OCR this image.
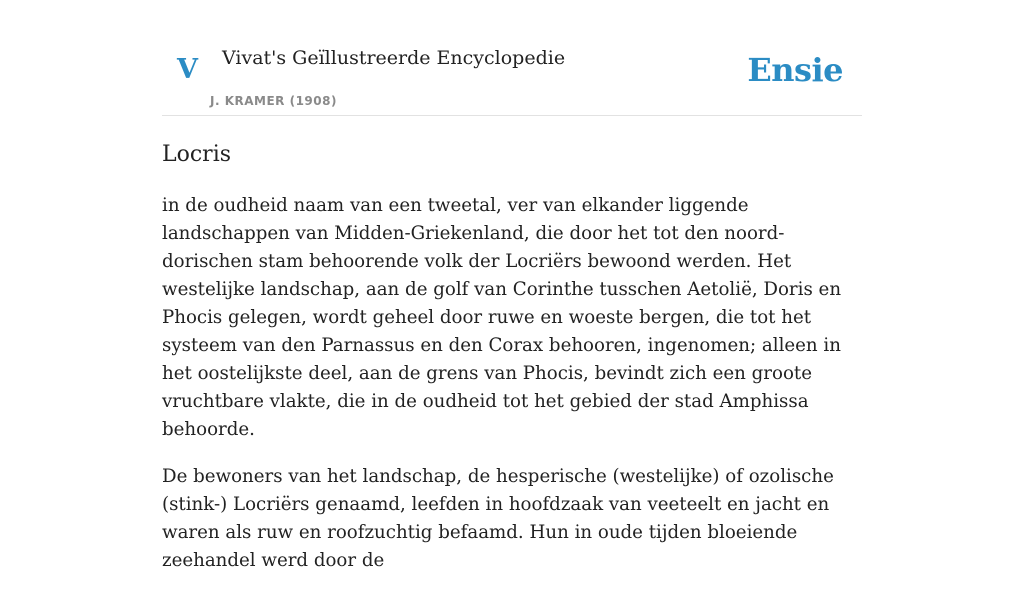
V Vivat's Geïllustreerde Encyclopedie
J. KRAMER (1908)
Ensie
Locris

in de oudheid naam van een tweetal, ver van elkander liggende landschappen van Midden-Griekenland, die door het tot den noord-dorischen stam behoorende volk der Locriërs bewoond werden. Het westelijke landschap, aan de golf van Corinthe tusschen Aetolië, Doris en Phocis gelegen, wordt geheel door ruwe en woeste bergen, die tot het systeem van den Parnassus en den Corax behooren, ingenomen; alleen in het oostelijkste deel, aan de grens van Phocis, bevindt zich een groote vruchtbare vlakte, die in de oudheid tot het gebied der stad Amphissa behoorde.

De bewoners van het landschap, de hesperische (westelijke) of ozolische (stink-) Locriërs genaamd, leefden in hoofdzaak van veeteelt en jacht en waren als ruw en roofzuchtig befaamd. Hun in oude tijden bloeiende zeehandel werd door de
